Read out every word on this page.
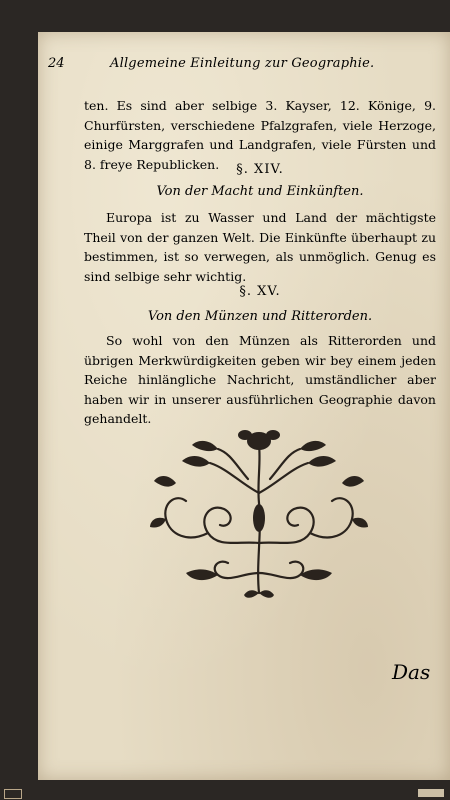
24	Allgemeine Einleitung zur Geographie.
ten. Es sind aber selbige 3. Kayser, 12. Könige, 9. Churfürsten, verschiedene Pfalzgrafen, viele Herzoge, einige Marggrafen und Landgrafen, viele Fürsten und 8. freye Republicken.	§. XIV.
Von der Macht und Einkünften.
Europa ist zu Wasser und Land der mächtigste Theil von der ganzen Welt. Die Einkünfte überhaupt zu bestimmen, ist so verwegen, als unmöglich. Genug es sind selbige sehr wichtig.
§. XV.
Von den Münzen und Ritterorden.
So wohl von den Münzen als Ritterorden und übrigen Merkwürdigkeiten geben wir bey einem jeden Reiche hinlängliche Nachricht, umständlicher aber haben wir in unserer ausführlichen Geographie davon gehandelt.
Das
